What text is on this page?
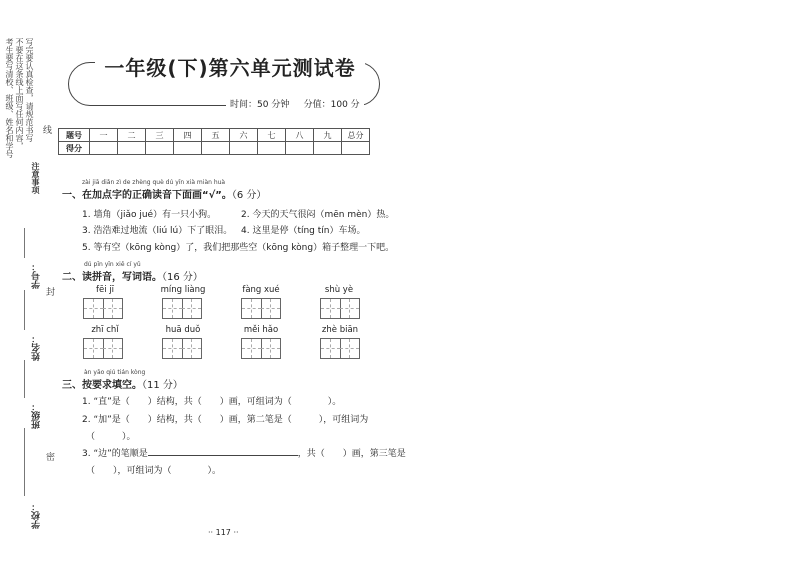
考生要写清校、班级、姓名和学号 不要在这条线上面写任何内容， 写完要认真检查，请规范书写
注意事项
学号：
姓名：
班级：
学校：
线
封
密
一年级(下)第六单元测试卷
时间：50 分钟 分值：100 分
题号	一	二	三	四	五	六	七	八	九	总分
得分										
zài jiā diǎn zì de zhèng què dú yīn xià miàn huà
一、在加点字的正确读音下面画“√”。（6 分）
1. 墙角（jiǎo jué）有一只小狗。	2. 今天的天气很闷（mēn mèn）热。
3. 浩浩难过地流（liú lú）下了眼泪。 4. 这里是停（tíng tín）车场。
5. 等有空（kōng kòng）了，我们把那些空（kōng kòng）箱子整理一下吧。
dú pīn yīn xiě cí yǔ
二、读拼音，写词语。（16 分）
fēi jī	míng liàng	fàng xué	shù yè
zhī chǐ	huā duǒ	měi hǎo	zhè biān
àn yāo qiú tián kòng
三、按要求填空。（11 分）
1. “直”是（　　）结构，共（　　）画，可组词为（　　　　）。
2. “加”是（　　）结构，共（　　）画，第二笔是（　　　），可组词为
（　　　）。
3. “边”的笔顺是	，共（　　）画，第三笔是
（　　），可组词为（　　　　）。
·· 117 ··
